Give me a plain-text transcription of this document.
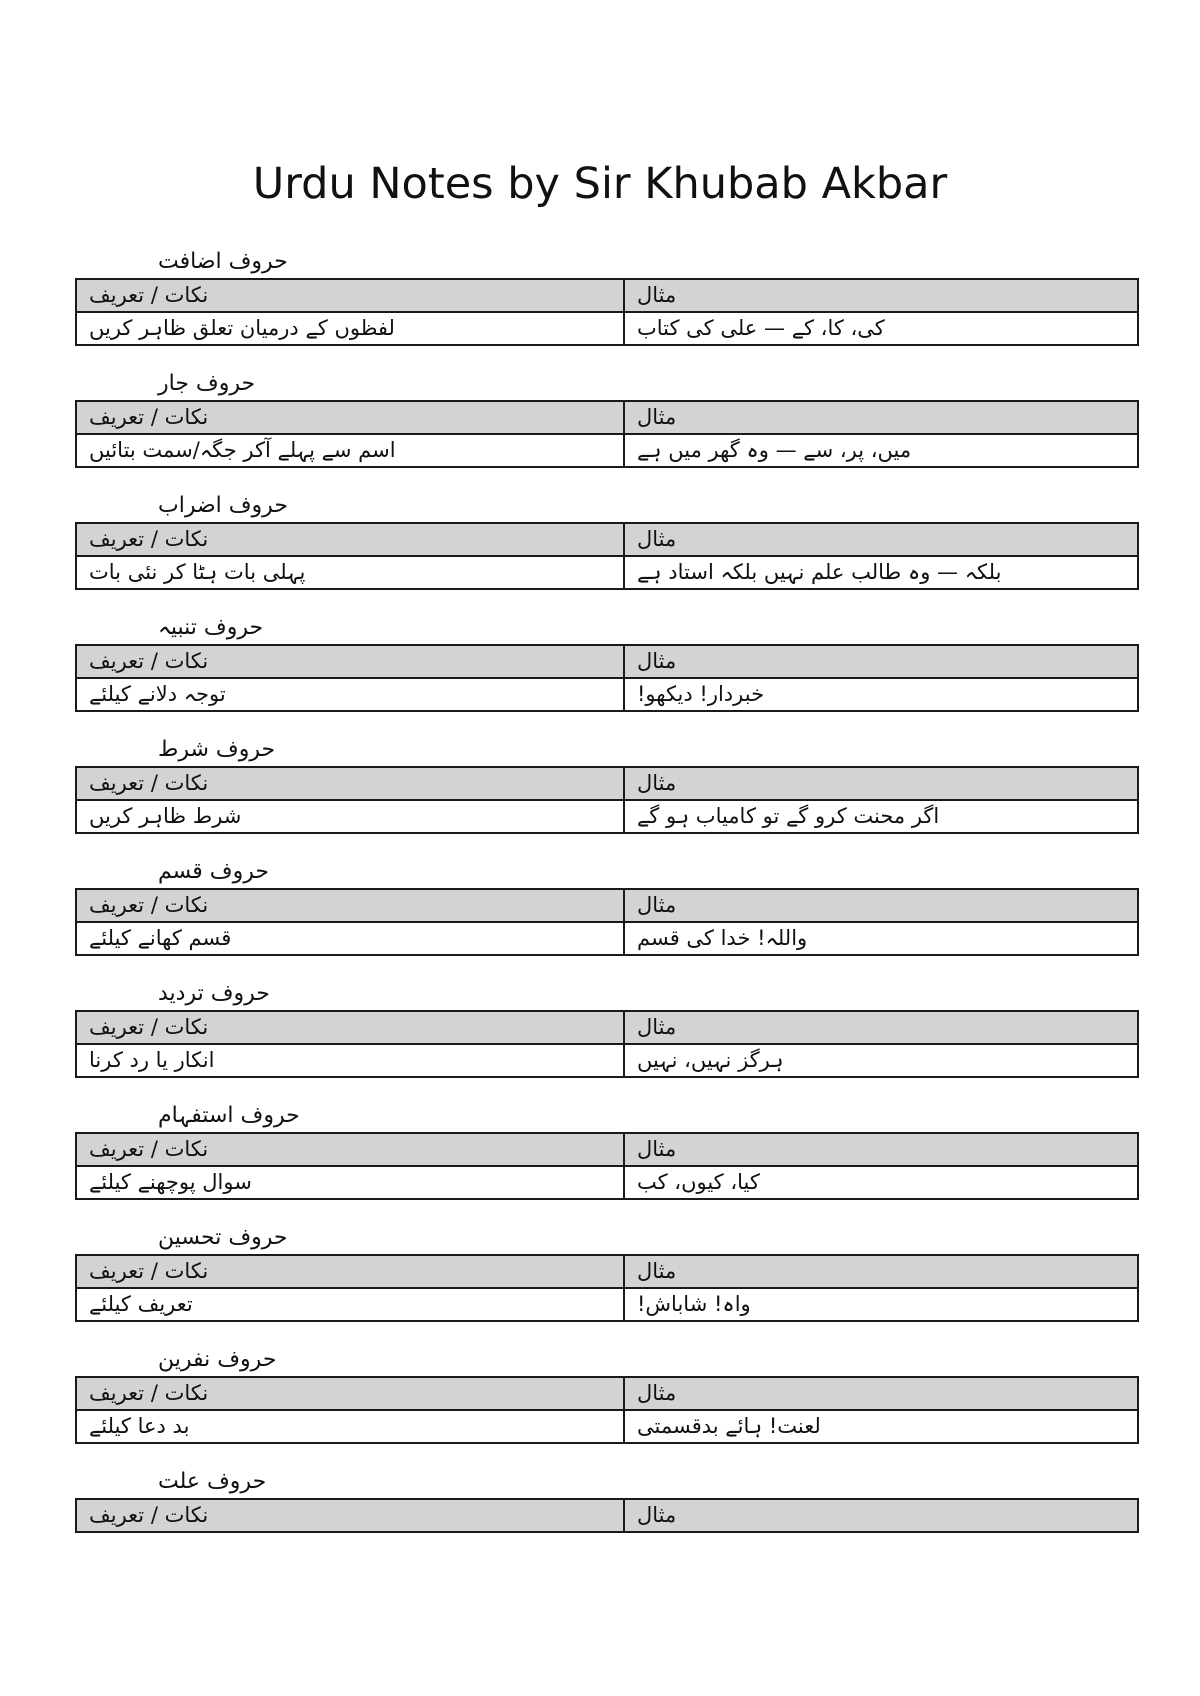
Urdu Notes by Sir Khubab Akbar
حروف اضافت
نکات / تعریف	مثال
لفظوں کے درمیان تعلق ظاہر کریں	کی، کا، کے — علی کی کتاب
حروف جار
نکات / تعریف	مثال
اسم سے پہلے آکر جگہ/سمت بتائیں	میں، پر، سے — وہ گھر میں ہے
حروف اضراب
نکات / تعریف	مثال
پہلی بات ہٹا کر نئی بات	بلکہ — وہ طالب علم نہیں بلکہ استاد ہے
حروف تنبیہ
نکات / تعریف	مثال
توجہ دلانے کیلئے	خبردار! دیکھو!
حروف شرط
نکات / تعریف	مثال
شرط ظاہر کریں	اگر محنت کرو گے تو کامیاب ہو گے
حروف قسم
نکات / تعریف	مثال
قسم کھانے کیلئے	واللہ! خدا کی قسم
حروف تردید
نکات / تعریف	مثال
انکار یا رد کرنا	ہرگز نہیں، نہیں
حروف استفہام
نکات / تعریف	مثال
سوال پوچھنے کیلئے	کیا، کیوں، کب
حروف تحسین
نکات / تعریف	مثال
تعریف کیلئے	واہ! شاباش!
حروف نفرین
نکات / تعریف	مثال
بد دعا کیلئے	لعنت! ہائے بدقسمتی
حروف علت
نکات / تعریف	مثال
